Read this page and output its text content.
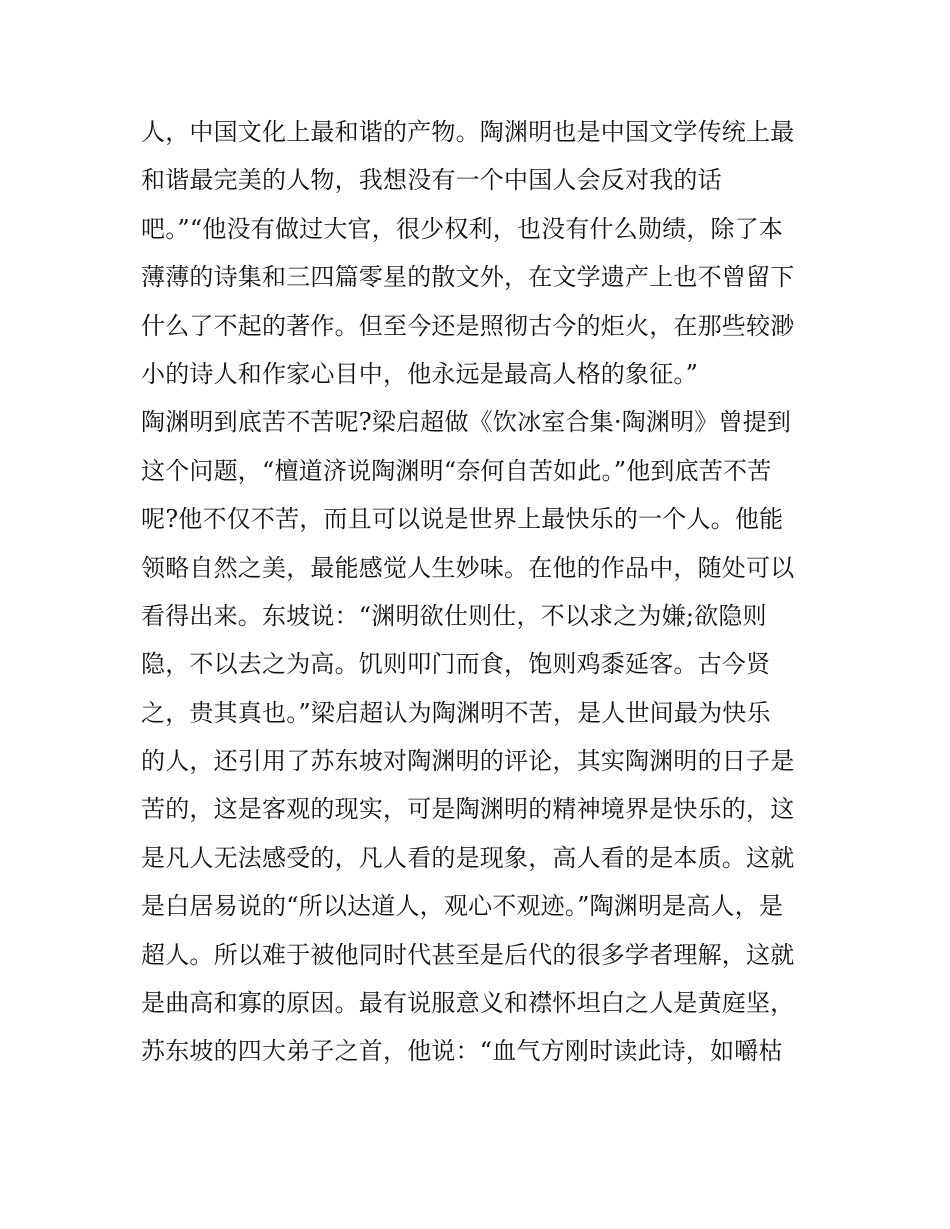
人，中国文化上最和谐的产物。陶渊明也是中国文学传统上最
和谐最完美的人物，我想没有一个中国人会反对我的话
吧。”“他没有做过大官，很少权利，也没有什么勋绩，除了本
薄薄的诗集和三四篇零星的散文外，在文学遗产上也不曾留下
什么了不起的著作。但至今还是照彻古今的炬火，在那些较渺
小的诗人和作家心目中，他永远是最高人格的象征。”
陶渊明到底苦不苦呢?梁启超做《饮冰室合集·陶渊明》曾提到
这个问题，“檀道济说陶渊明“奈何自苦如此。”他到底苦不苦
呢?他不仅不苦，而且可以说是世界上最快乐的一个人。他能
领略自然之美，最能感觉人生妙味。在他的作品中，随处可以
看得出来。东坡说：“渊明欲仕则仕，不以求之为嫌;欲隐则
隐，不以去之为高。饥则叩门而食，饱则鸡黍延客。古今贤
之，贵其真也。”梁启超认为陶渊明不苦，是人世间最为快乐
的人，还引用了苏东坡对陶渊明的评论，其实陶渊明的日子是
苦的，这是客观的现实，可是陶渊明的精神境界是快乐的，这
是凡人无法感受的，凡人看的是现象，高人看的是本质。这就
是白居易说的“所以达道人，观心不观迹。”陶渊明是高人，是
超人。所以难于被他同时代甚至是后代的很多学者理解，这就
是曲高和寡的原因。最有说服意义和襟怀坦白之人是黄庭坚，
苏东坡的四大弟子之首，他说：“血气方刚时读此诗，如嚼枯
